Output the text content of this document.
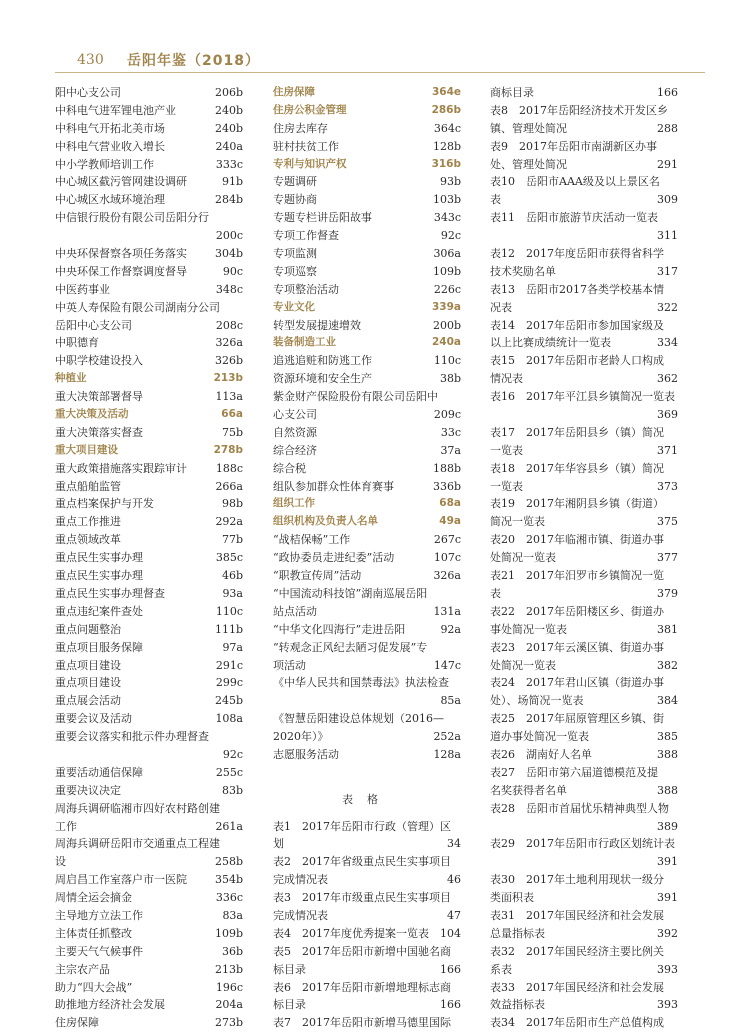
430 岳阳年鉴（2018）
阳中心支公司	206b
中科电气进军锂电池产业	240b
中科电气开拓北美市场	240b
中科电气营业收入增长	240a
中小学教师培训工作	333c
中心城区截污管网建设调研	91b
中心城区水域环境治理	284b
中信银行股份有限公司岳阳分行
200c
中央环保督察各项任务落实	304b
中央环保工作督察调度督导	90c
中医药事业	348c
中英人寿保险有限公司湖南分公司
岳阳中心支公司	208c
中职德育	326a
中职学校建设投入	326b
种植业	213b
重大决策部署督导	113a
重大决策及活动	66a
重大决策落实督查	75b
重大项目建设	278b
重大政策措施落实跟踪审计	188c
重点船舶监管	266a
重点档案保护与开发	98b
重点工作推进	292a
重点领域改革	77b
重点民生实事办理	385c
重点民生实事办理	46b
重点民生实事办理督查	93a
重点违纪案件查处	110c
重点问题整治	111b
重点项目服务保障	97a
重点项目建设	291c
重点项目建设	299c
重点展会活动	245b
重要会议及活动	108a
重要会议落实和批示件办理督查
92c
重要活动通信保障	255c
重要决议决定	83b
周海兵调研临湘市四好农村路创建
工作	261a
周海兵调研岳阳市交通重点工程建
设	258b
周启昌工作室落户市一医院	354b
周情全运会摘金	336c
主导地方立法工作	83a
主体责任抓整改	109b
主要天气气候事件	36b
主宗农产品	213b
助力“四大会战”	196c
助推地方经济社会发展	204a
住房保障	273b
住房保障	364e
住房公积金管理	286b
住房去库存	364c
驻村扶贫工作	128b
专利与知识产权	316b
专题调研	93b
专题协商	103b
专题专栏讲岳阳故事	343c
专项工作督查	92c
专项监测	306a
专项巡察	109b
专项整治活动	226c
专业文化	339a
转型发展提速增效	200b
装备制造工业	240a
追逃追赃和防逃工作	110c
资源环境和安全生产	38b
紫金财产保险股份有限公司岳阳中
心支公司	209c
自然资源	33c
综合经济	37a
综合税	188b
组队参加群众性体育赛事	336b
组织工作	68a
组织机构及负责人名单	49a
“战桔保畅”工作	267c
“政协委员走进纪委”活动	107c
“职教宣传周”活动	326a
“中国流动科技馆”湖南巡展岳阳
站点活动	131a
“中华文化四海行”走进岳阳	92a
“转观念正风纪去陋习促发展”专
项活动	147c
《中华人民共和国禁毒法》执法检查
85a
《智慧岳阳建设总体规划（2016—
2020年）》	252a
志愿服务活动	128a
表格
表1　2017年岳阳市行政（管理）区
划	34
表2　2017年省级重点民生实事项目
完成情况表	46
表3　2017年市级重点民生实事项目
完成情况表	47
表4　2017年度优秀提案一览表 104
表5　2017年岳阳市新增中国驰名商
标目录	166
表6　2017年岳阳市新增地理标志商
标目录	166
表7　2017年岳阳市新增马德里国际
商标目录	166
表8　2017年岳阳经济技术开发区乡
镇、管理处简况	288
表9　2017年岳阳市南湖新区办事
处、管理处简况	291
表10　岳阳市AAA级及以上景区名
表	309
表11　岳阳市旅游节庆活动一览表
311
表12　2017年度岳阳市获得省科学
技术奖励名单	317
表13　岳阳市2017各类学校基本情
况表	322
表14　2017年岳阳市参加国家级及
以上比赛成绩统计一览表	334
表15　2017年岳阳市老龄人口构成
情况表	362
表16　2017年平江县乡镇简况一览表
369
表17　2017年岳阳县乡（镇）简况
一览表	371
表18　2017年华容县乡（镇）简况
一览表	373
表19　2017年湘阴县乡镇（街道）
简况一览表	375
表20　2017年临湘市镇、街道办事
处简况一览表	377
表21　2017年汨罗市乡镇简况一览
表	379
表22　2017年岳阳楼区乡、街道办
事处简况一览表	381
表23　2017年云溪区镇、街道办事
处简况一览表	382
表24　2017年君山区镇（街道办事
处）、场简况一览表	384
表25　2017年屈原管理区乡镇、街
道办事处简况一览表	385
表26　湖南好人名单	388
表27　岳阳市第六届道德模范及提
名奖获得者名单	388
表28　岳阳市首届忧乐精神典型人物
389
表29　2017年岳阳市行政区划统计表
391
表30　2017年土地利用现状一级分
类面积表	391
表31　2017年国民经济和社会发展
总量指标表	392
表32　2017年国民经济主要比例关
系表	393
表33　2017年国民经济和社会发展
效益指标表	393
表34　2017年岳阳市生产总值构成
